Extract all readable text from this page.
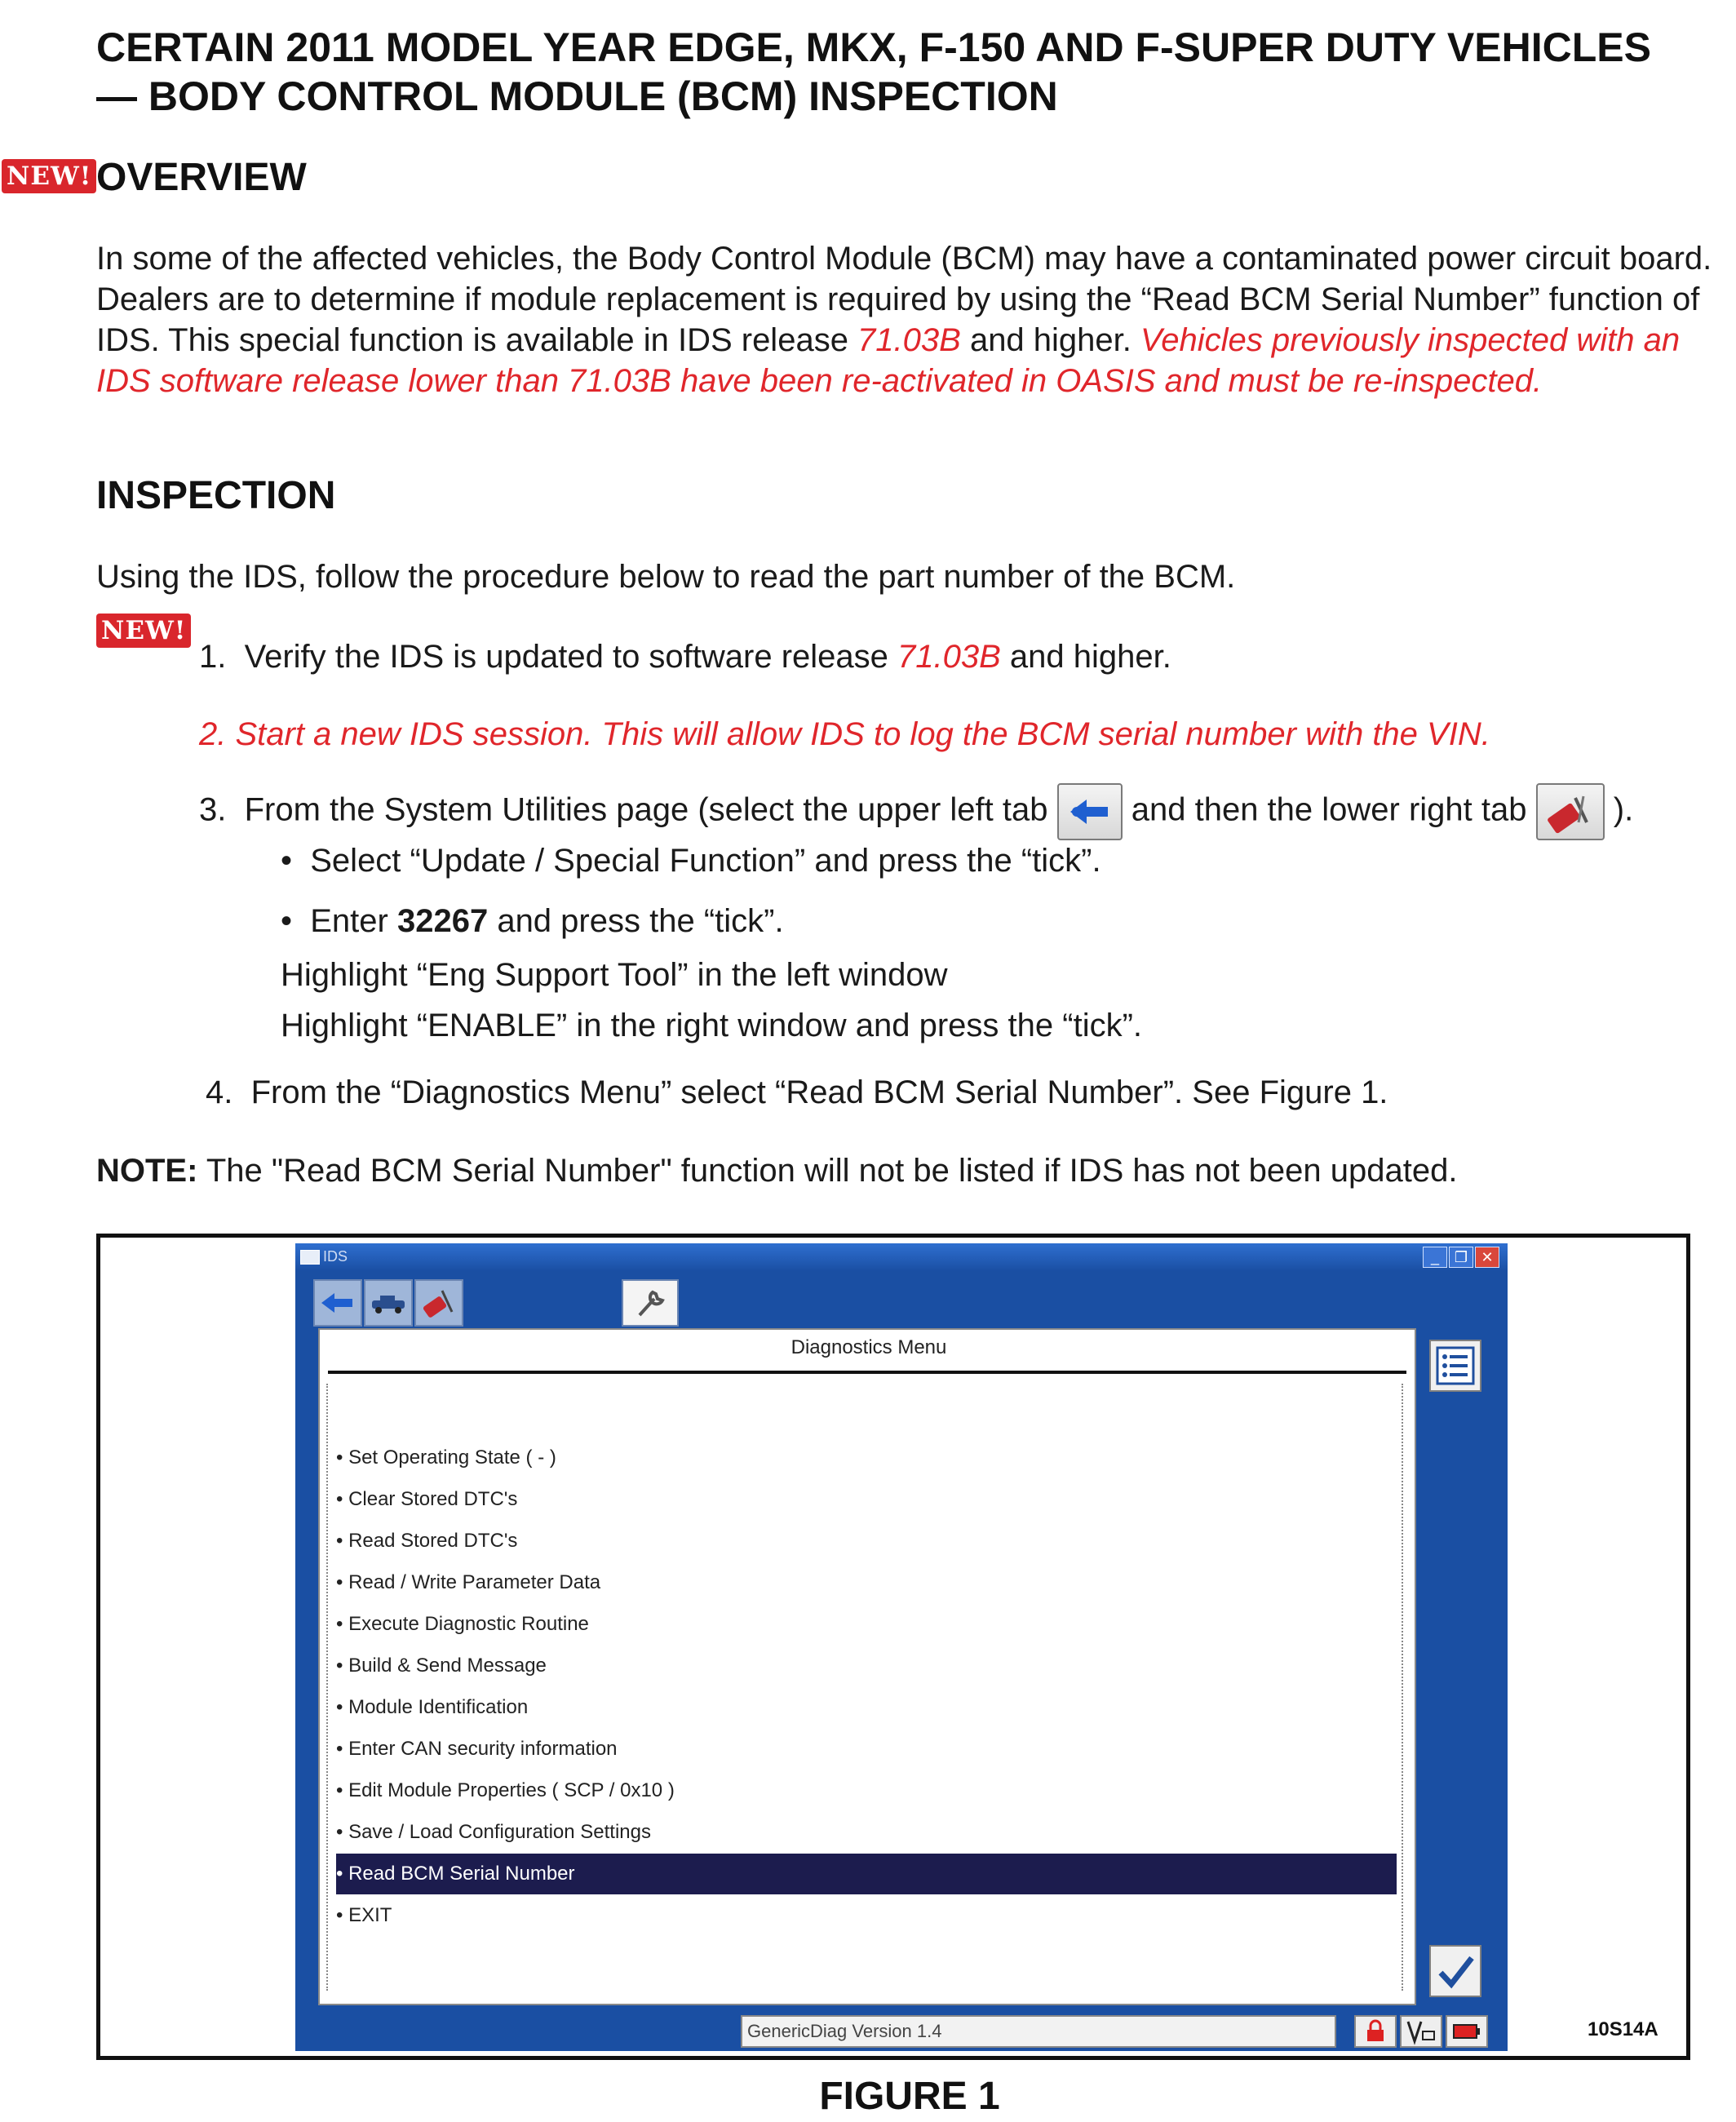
CERTAIN 2011 MODEL YEAR EDGE, MKX, F-150 AND F-SUPER DUTY VEHICLES
— BODY CONTROL MODULE (BCM) INSPECTION
NEW! OVERVIEW
In some of the affected vehicles, the Body Control Module (BCM) may have a contaminated power circuit board. Dealers are to determine if module replacement is required by using the “Read BCM Serial Number” function of IDS. This special function is available in IDS release 71.03B and higher. Vehicles previously inspected with an IDS software release lower than 71.03B have been re-activated in OASIS and must be re-inspected.
INSPECTION
Using the IDS, follow the procedure below to read the part number of the BCM.
NEW!
1. Verify the IDS is updated to software release 71.03B and higher.
2. Start a new IDS session. This will allow IDS to log the BCM serial number with the VIN.
3. From the System Utilities page (select the upper left tab	and then the lower right tab	).
• Select “Update / Special Function” and press the “tick”.
• Enter 32267 and press the “tick”.
Highlight “Eng Support Tool” in the left window
Highlight “ENABLE” in the right window and press the “tick”.
4. From the “Diagnostics Menu” select “Read BCM Serial Number”. See Figure 1.
NOTE: The "Read BCM Serial Number" function will not be listed if IDS has not been updated.
IDS	_	❐ ✕
Diagnostics Menu
• Set Operating State ( - )
• Clear Stored DTC's
• Read Stored DTC's
• Read / Write Parameter Data
• Execute Diagnostic Routine
• Build & Send Message
• Module Identification
• Enter CAN security information
• Edit Module Properties ( SCP / 0x10 )
• Save / Load Configuration Settings
• Read BCM Serial Number
• EXIT
GenericDiag Version 1.4	10S14A
FIGURE 1
